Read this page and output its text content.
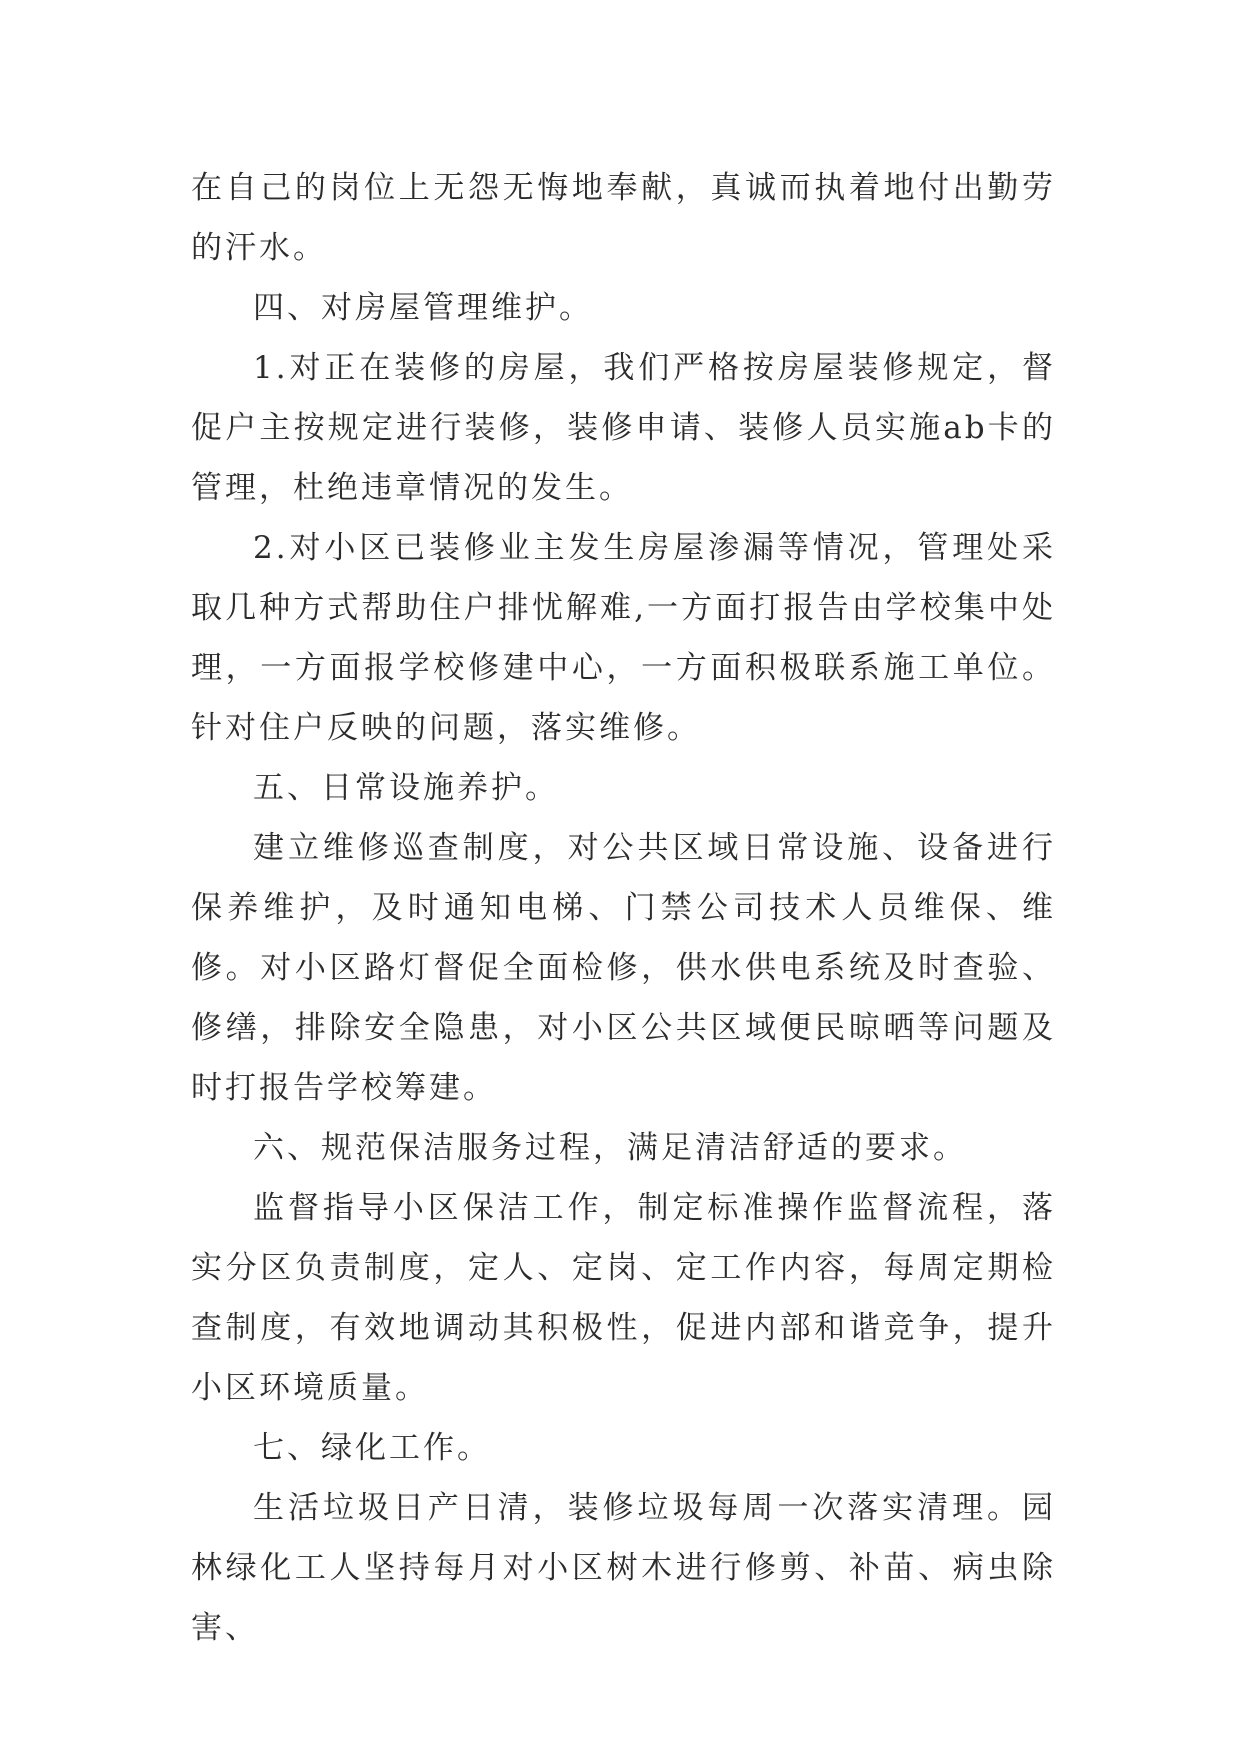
在自己的岗位上无怨无悔地奉献，真诚而执着地付出勤劳的汗水。

四、对房屋管理维护。

1.对正在装修的房屋，我们严格按房屋装修规定，督促户主按规定进行装修，装修申请、装修人员实施ab卡的管理，杜绝违章情况的发生。

2.对小区已装修业主发生房屋渗漏等情况，管理处采取几种方式帮助住户排忧解难,一方面打报告由学校集中处理，一方面报学校修建中心，一方面积极联系施工单位。针对住户反映的问题，落实维修。

五、日常设施养护。

建立维修巡查制度，对公共区域日常设施、设备进行保养维护，及时通知电梯、门禁公司技术人员维保、维修。对小区路灯督促全面检修，供水供电系统及时查验、修缮，排除安全隐患，对小区公共区域便民晾晒等问题及时打报告学校筹建。

六、规范保洁服务过程，满足清洁舒适的要求。

监督指导小区保洁工作，制定标准操作监督流程，落实分区负责制度，定人、定岗、定工作内容，每周定期检查制度，有效地调动其积极性，促进内部和谐竞争，提升小区环境质量。

七、绿化工作。

生活垃圾日产日清，装修垃圾每周一次落实清理。园林绿化工人坚持每月对小区树木进行修剪、补苗、病虫除害、
